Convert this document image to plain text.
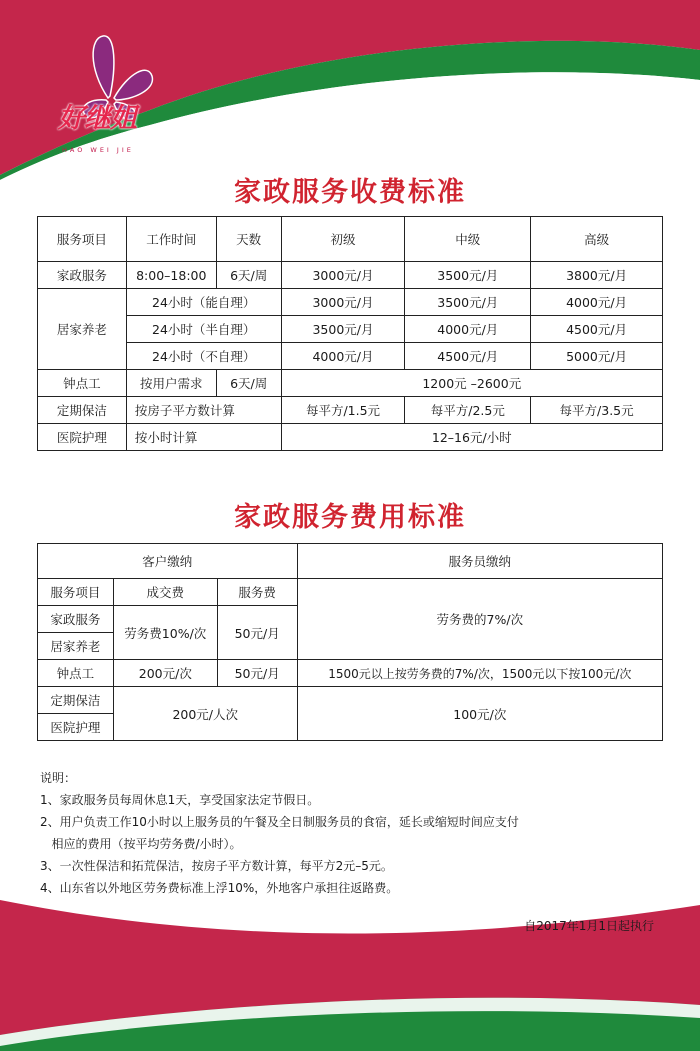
好继姐
HAO WEI JIE
家政服务收费标准
服务项目	工作时间	天数	初级	中级	高级
家政服务	8:00–18:00	6天/周	3000元/月	3500元/月	3800元/月
居家养老	24小时（能自理）		3000元/月	3500元/月	4000元/月
	24小时（半自理）		3500元/月	4000元/月	4500元/月
	24小时（不自理）		4000元/月	4500元/月	5000元/月
钟点工	按用户需求	6天/周	1200元 –2600元		
定期保洁	按房子平方数计算		每平方/1.5元	每平方/2.5元	每平方/3.5元
医院护理	按小时计算		12–16元/小时		
家政服务费用标准
客户缴纳			服务员缴纳
服务项目	成交费	服务费	劳务费的7%/次
家政服务	劳务费10%/次	50元/月	
居家养老			
钟点工	200元/次	50元/月	1500元以上按劳务费的7%/次，1500元以下按100元/次
定期保洁	200元/人次		100元/次
医院护理			
说明：
1、家政服务员每周休息1天，享受国家法定节假日。
2、用户负责工作10小时以上服务员的午餐及全日制服务员的食宿，延长或缩短时间应支付
相应的费用（按平均劳务费/小时）。
3、一次性保洁和拓荒保洁，按房子平方数计算，每平方2元–5元。
4、山东省以外地区劳务费标准上浮10%，外地客户承担往返路费。
自2017年1月1日起执行
